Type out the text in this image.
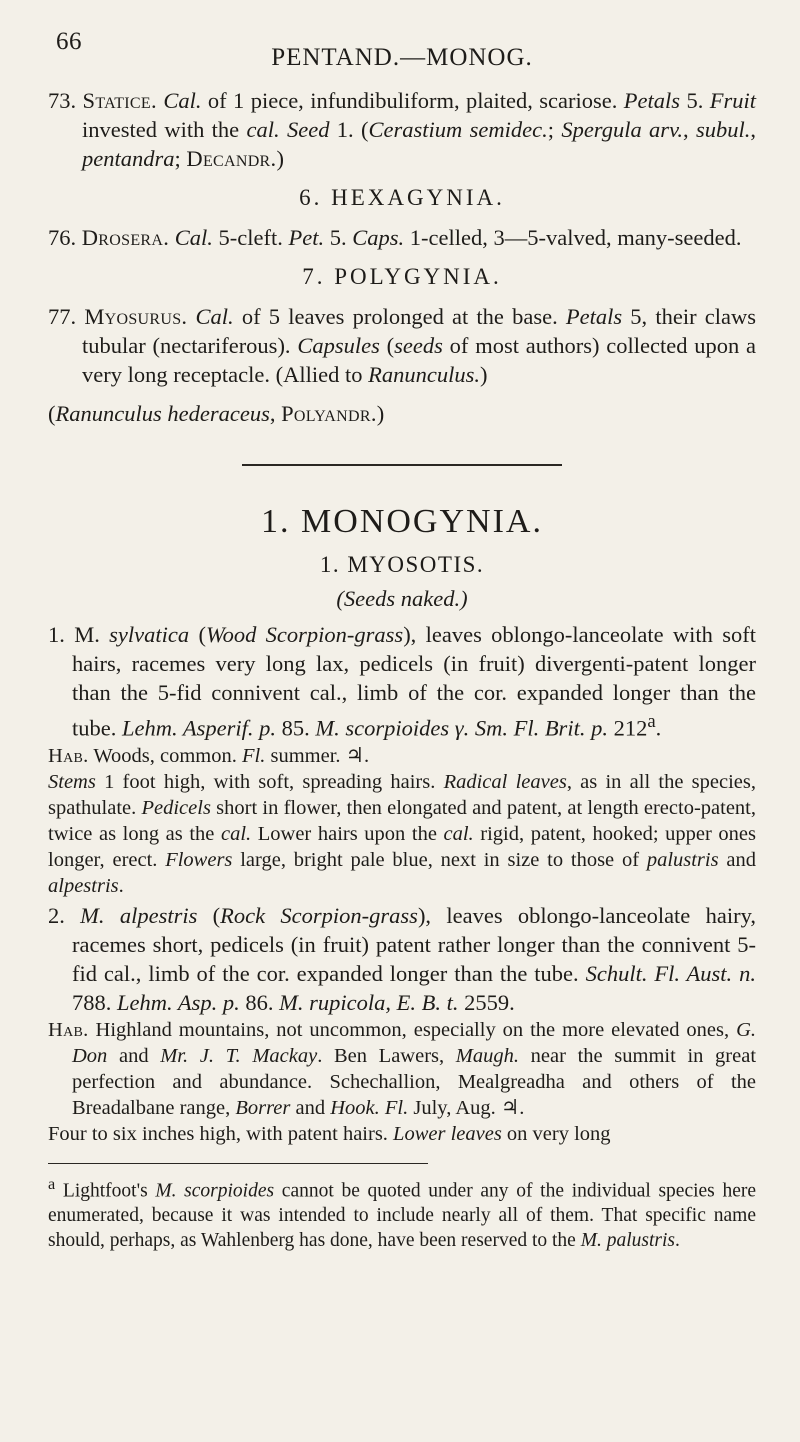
66
PENTAND.—MONOG.

73. Statice. Cal. of 1 piece, infundibuliform, plaited, scariose. Petals 5. Fruit invested with the cal. Seed 1. (Cerastium semidec.; Spergula arv., subul., pentandra; Decandr.)

6. HEXAGYNIA.

76. Drosera. Cal. 5-cleft. Pet. 5. Caps. 1-celled, 3—5-valved, many-seeded.

7. POLYGYNIA.

77. Myosurus. Cal. of 5 leaves prolonged at the base. Petals 5, their claws tubular (nectariferous). Capsules (seeds of most authors) collected upon a very long receptacle. (Allied to Ranunculus.)

(Ranunculus hederaceus, Polyandr.)

1. MONOGYNIA.
1. MYOSOTIS.
(Seeds naked.)

1. M. sylvatica (Wood Scorpion-grass), leaves oblongo-lanceolate with soft hairs, racemes very long lax, pedicels (in fruit) divergenti-patent longer than the 5-fid connivent cal., limb of the cor. expanded longer than the tube. Lehm. Asperif. p. 85. M. scorpioides γ. Sm. Fl. Brit. p. 212$^a$.

Hab. Woods, common. Fl. summer. ♃.

Stems 1 foot high, with soft, spreading hairs. Radical leaves, as in all the species, spathulate. Pedicels short in flower, then elongated and patent, at length erecto-patent, twice as long as the cal. Lower hairs upon the cal. rigid, patent, hooked; upper ones longer, erect. Flowers large, bright pale blue, next in size to those of palustris and alpestris.

2. M. alpestris (Rock Scorpion-grass), leaves oblongo-lanceolate hairy, racemes short, pedicels (in fruit) patent rather longer than the connivent 5-fid cal., limb of the cor. expanded longer than the tube. Schult. Fl. Aust. n. 788. Lehm. Asp. p. 86. M. rupicola, E. B. t. 2559.

Hab. Highland mountains, not uncommon, especially on the more elevated ones, G. Don and Mr. J. T. Mackay. Ben Lawers, Maugh. near the summit in great perfection and abundance. Schechallion, Mealgreadha and others of the Breadalbane range, Borrer and Hook. Fl. July, Aug. ♃.

Four to six inches high, with patent hairs. Lower leaves on very long

$^a$ Lightfoot's M. scorpioides cannot be quoted under any of the individual species here enumerated, because it was intended to include nearly all of them. That specific name should, perhaps, as Wahlenberg has done, have been reserved to the M. palustris.
